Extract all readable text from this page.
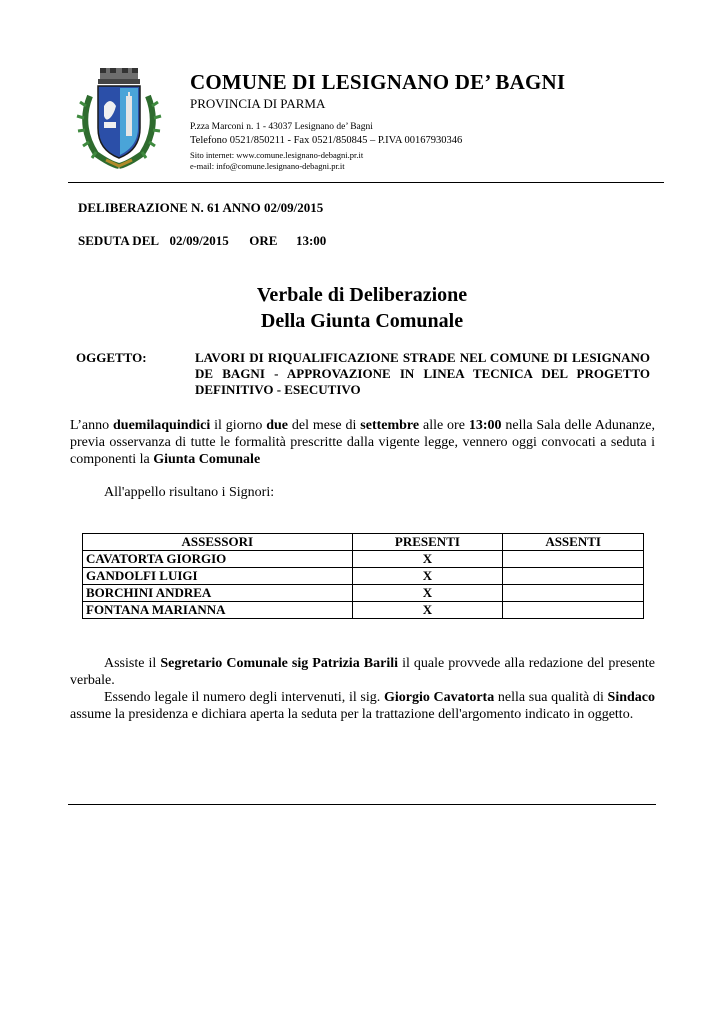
COMUNE DI LESIGNANO DE’ BAGNI
PROVINCIA DI PARMA
P.zza Marconi n. 1 - 43037 Lesignano de’ Bagni
Telefono 0521/850211 - Fax 0521/850845 – P.IVA 00167930346
Sito internet: www.comune.lesignano-debagni.pr.it
e-mail: info@comune.lesignano-debagni.pr.it
DELIBERAZIONE N. 61 ANNO 02/09/2015
SEDUTA DEL 02/09/2015 ORE 13:00
Verbale di Deliberazione
Della Giunta Comunale
OGGETTO:	LAVORI DI RIQUALIFICAZIONE STRADE NEL COMUNE DI LESIGNANO DE BAGNI - APPROVAZIONE IN LINEA TECNICA DEL PROGETTO DEFINITIVO - ESECUTIVO
L’anno duemilaquindici il giorno due del mese di settembre alle ore 13:00 nella Sala delle Adunanze, previa osservanza di tutte le formalità prescritte dalla vigente legge, vennero oggi convocati a seduta i componenti la Giunta Comunale
All'appello risultano i Signori:
ASSESSORI	PRESENTI	ASSENTI
CAVATORTA GIORGIO	X	
GANDOLFI LUIGI	X	
BORCHINI ANDREA	X	
FONTANA MARIANNA	X	
Assiste il Segretario Comunale sig Patrizia Barili il quale provvede alla redazione del presente verbale.
Essendo legale il numero degli intervenuti, il sig. Giorgio Cavatorta nella sua qualità di Sindaco assume la presidenza e dichiara aperta la seduta per la trattazione dell'argomento indicato in oggetto.
